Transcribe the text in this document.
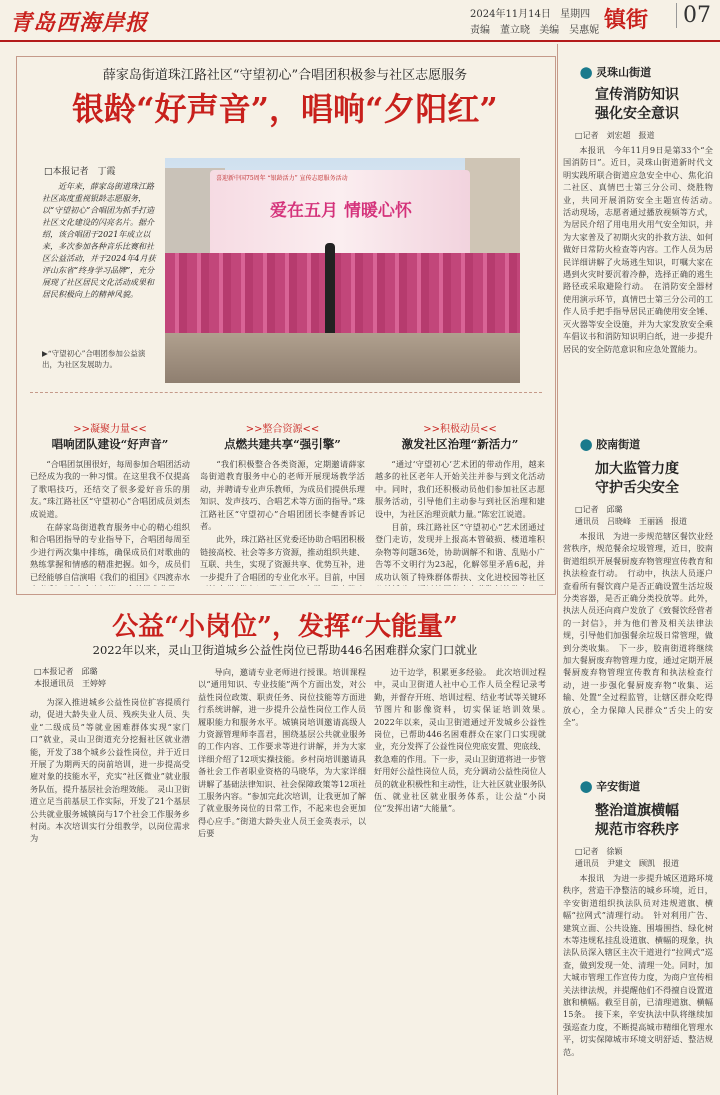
青岛西海岸报	2024年11月14日 星期四
责编　董立晓 美编　吴惠妮 镇街	07
薛家岛街道珠江路社区“守望初心”合唱团积极参与社区志愿服务
银龄“好声音”，唱响“夕阳红”
□本报记者　丁霞
近年来，薛家岛街道珠江路社区高度重视银龄志愿服务，以“守望初心”合唱团为抓手打造社区文化建设的闪亮名片。据介绍，该合唱团于2021年成立以来，多次参加各种音乐比赛和社区公益活动，并于2024年4月获评山东省“终身学习品牌”，充分展现了社区居民文化活动成果和居民积极向上的精神风貌。
▶“守望初心”合唱团参加公益演出，为社区发展助力。
喜迎新中国75周年 “银龄活力” 宣传志愿服务活动
爱在五月 情暖心怀
>>凝聚力量<<
唱响团队建设“好声音”

“合唱团氛围很好，每周参加合唱团活动已经成为我的一种习惯。在这里我不仅提高了歌唱技巧，还结交了很多爱好音乐的朋友。”珠江路社区“守望初心”合唱团成员刘杰成说道。

在薛家岛街道教育服务中心的精心组织和合唱团指导的专业指导下，合唱团每周至少进行两次集中排练，确保成员们对歌曲的熟练掌握和情感的精准把握。如今，成员们已经能够自信演唱《我们的祖国》《四渡赤水

>>整合资源<<
点燃共建共享“强引擎”

“我们积极整合各类资源，定期邀请薛家岛街道教育服务中心的老师开展现场教学活动，并聘请专业声乐教师，为成员们提供乐理知识、发声技巧、合唱艺术等方面的指导。”珠江路社区“守望初心”合唱团团长李健香诉记者。

此外，珠江路社区党委还协助合唱团积极链接高校、社会等多方资源，推动组织共建、互联、共生，实现了资源共享、优势互补，进一步提升了合唱团的专业化水平。目前，中国

>>积极动员<<
激发社区治理“新活力”

“通过‘守望初心’艺术团的带动作用，越来越多的社区老年人开始关注并参与到文化活动中。同时，我们还积极动员他们参加社区志愿服务活动，引导他们主动参与到社区治理和建设中，为社区治理贡献力量。”陈宏江说道。

目前，珠江路社区“守望初心”艺术团通过登门走访，发现并上报高本管破损、楼道堆积杂物等问题36处，协助调解不和谐、乱贴小广告等不文明行为23起，化解邻里矛盾6起，并成功认领了特殊群体帮扶、文化进校园等社区

公益“小岗位”，发挥“大能量”
2022年以来，灵山卫街道城乡公益性岗位已帮助446名困难群众家门口就业
□本报记者　邱璐
本报通讯员　王婷婷
为深入推进城乡公益性岗位扩容提质行动，促进大龄失业人员、残疾失业人员、失业“二级成员”等就业困难群体实现“家门口”就业，灵山卫街道充分挖掘社区就业潜能，开发了38个城乡公益性岗位，并于近日开展了为期两天的岗前培训，进一步提高受雇对象的技能水平，充实“社区微业”就业服务队伍，提升基层社会治理效能。　灵山卫街道立足当前基层工作实际，开发了21个基层公共就业服务城镇岗与17个社会工作服务乡村岗。本次培训实行分组教学，以岗位需求为
导向，邀请专业老师进行授课。培训课程以“通用知识、专业技能”两个方面出发，对公益性岗位政策、职责任务、岗位技能等方面进行系统讲解，进一步提升公益性岗位工作人员履职能力和服务水平。城镇岗培训邀请高级人力资源管理师李喜君，围绕基层公共就业服务的工作内容、工作要求等进行讲解，并为大家详细介绍了12项实操技能。乡村岗培训邀请具备社会工作者职业资格的马晓华，为大家详细讲解了基础法律知识、社会保障政策等12项社工服务内容。“参加完此次培训，让我更加了解了就业服务岗位的日常工作，不起来也会更加得心应手。”街道大龄失业人员王金英表示，以后要
边干边学，积累更多经验。　此次培训过程中，灵山卫街道人社中心工作人员全程记录考勤，并督存开班、培训过程、结业考试等关键环节图片和影像资料，切实保证培训效果。　2022年以来，灵山卫街道通过开发城乡公益性岗位，已帮助446名困难群众在家门口实现就业，充分发挥了公益性岗位兜底安置、兜底线、救急难的作用。下一步，灵山卫街道将进一步管好用好公益性岗位人员，充分调动公益性岗位人员的就业积极性和主动性，让大社区就业服务队伍、就业社区就业服务体系，让公益“小岗位”发挥出诸“大能量”。
⬤ 灵珠山街道
宣传消防知识
强化安全意识
□记者　刘宏超　报道
本报讯　今年11月9日是第33个“全国消防日”。近日，灵珠山街道新时代文明实践所联合街道应急安全中心、焦化泊二社区、真情巴士第三分公司、烧胜物业，共同开展消防安全主题宣传活动。　活动现场，志愿者通过播放视频等方式，为居民介绍了用电用火用气安全知识，并为大家普及了初期火灾的扑救方法、如何做好日常防火检查等内容。工作人员为居民详细讲解了火场逃生知识，叮嘱大家在遇到火灾时要沉着冷静，选择正确的逃生路径或采取避险行动。　在消防安全器材使用演示环节，真情巴士第三分公司的工作人员手把手指导居民正确使用安全锤、灭火器等安全设施，并为大家发放安全乘车倡议书和消防知识明白纸，进一步提升居民的安全防范意识和应急处置能力。
⬤ 胶南街道
加大监管力度
守护舌尖安全
□记者　邱璐
通讯员　吕晓峰　王丽涵　报道
本报讯　为进一步规范辖区餐饮业经营秩序，规范餐余垃圾管理，近日，胶南街道组织开展餐厨废弃物管理宣传教育和执法检查行动。　行动中，执法人员逐户查看所有餐饮商户是否正确设置生活垃圾分类容器，是否正确分类投放等。此外，执法人员还向商户发放了《致餐饮经营者的一封信》，并为他们普及相关法律法规，引导他们加强餐余垃圾日常管理，做到分类收集。　下一步，胶南街道将继续加大餐厨废弃物管理力度，通过定期开展餐厨废弃物管理宣传教育和执法检查行动，进一步强化餐厨废弃物“收集、运输、处置”全过程监管，让辖区群众吃得放心，全力保障人民群众“舌尖上的安全”。
⬤ 辛安街道
整治道旗横幅
规范市容秩序
□记者　徐颖
通讯员　尹建文　顾凯　报道
本报讯　为进一步提升城区道路环境秩序，营造干净整洁的城乡环境，近日，辛安街道组织执法队员对违规道旗、横幅“拉网式”清理行动。　针对利用广告、建筑立面、公共设施、围墙围挡、绿化树木等违规私挂乱设道旗、横幅的现象，执法队员深入辖区主次干道进行“拉网式”巡查，做到发现一处、清理一处。同时，加大城市管理工作宣传力度，为商户宣传相关法律法规，并提醒他们不得擅自设置道旗和横幅。截至目前，已清理道旗、横幅15条。　接下来，辛安执法中队将继续加强巡查力度，不断提高城市精细化管理水平，切实保障城市环境文明舒适、整洁规范。
